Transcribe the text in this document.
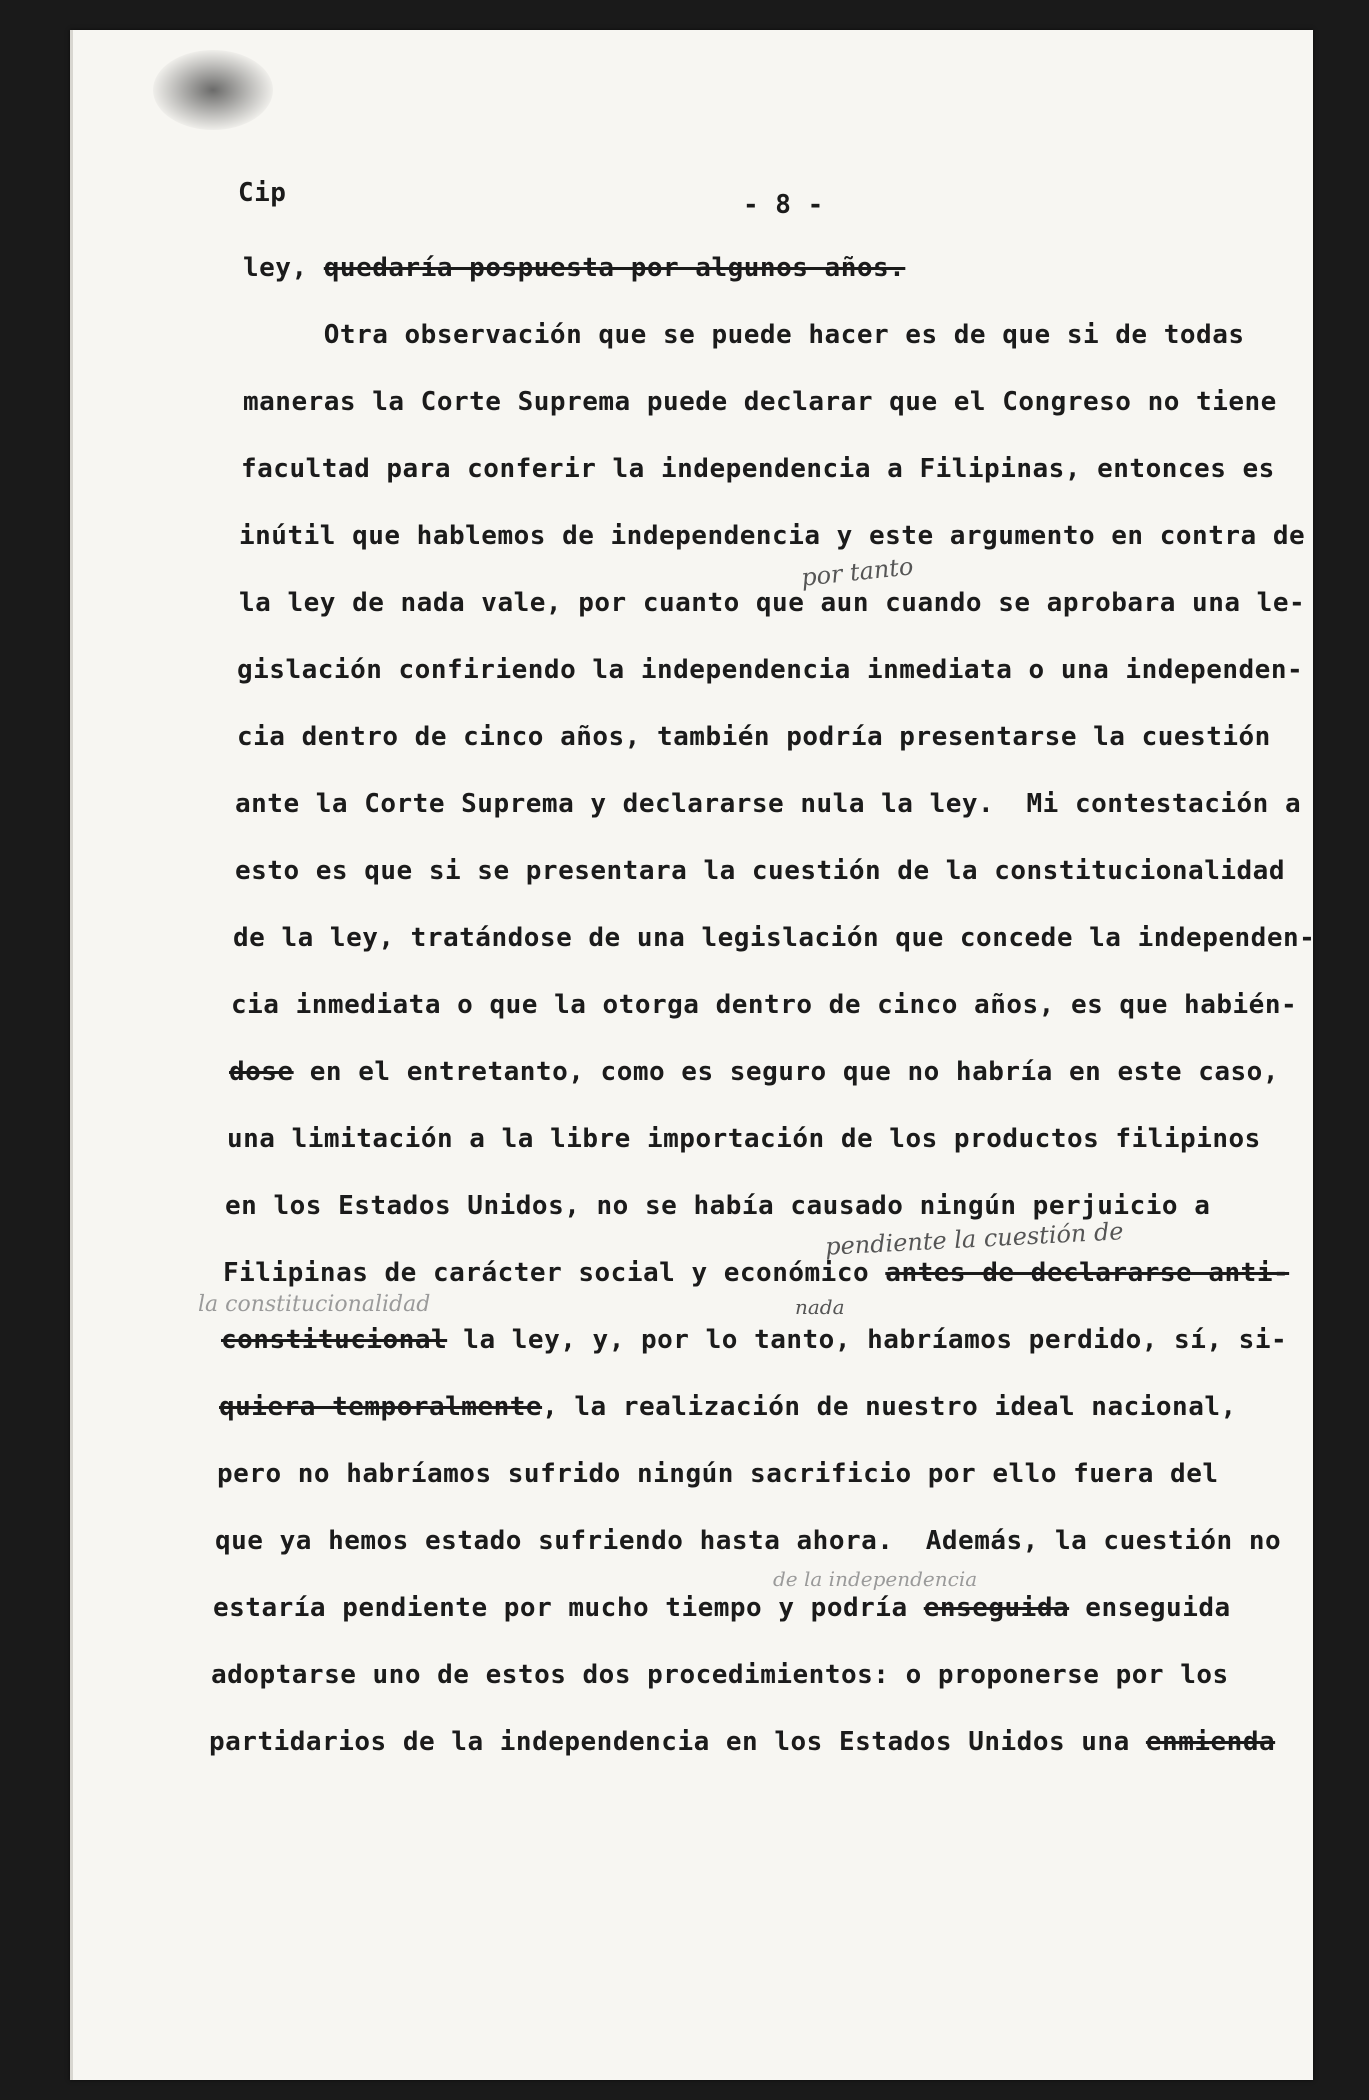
Cip	- 8 -
ley, quedaría pospuesta por algunos años.
Otra observación que se puede hacer es de que si de todas
maneras la Corte Suprema puede declarar que el Congreso no tiene
facultad para conferir la independencia a Filipinas, entonces es
inútil que hablemos de independencia y este argumento en contra de
la ley de nada vale, por cuanto que aun cuando se aprobara una le-
gislación confiriendo la independencia inmediata o una independen-
cia dentro de cinco años, también podría presentarse la cuestión
ante la Corte Suprema y declararse nula la ley.  Mi contestación a
esto es que si se presentara la cuestión de la constitucionalidad
de la ley, tratándose de una legislación que concede la independen-
cia inmediata o que la otorga dentro de cinco años, es que habién-
dose en el entretanto, como es seguro que no habría en este caso,
una limitación a la libre importación de los productos filipinos
en los Estados Unidos, no se había causado ningún perjuicio a
Filipinas de carácter social y económico antes de declararse anti-
constitucional la ley, y, por lo tanto, habríamos perdido, sí, si-
quiera temporalmente, la realización de nuestro ideal nacional,
pero no habríamos sufrido ningún sacrificio por ello fuera del
que ya hemos estado sufriendo hasta ahora.  Además, la cuestión no
estaría pendiente por mucho tiempo y podría enseguida enseguida
adoptarse uno de estos dos procedimientos: o proponerse por los
partidarios de la independencia en los Estados Unidos una enmienda
por tanto
pendiente la cuestión de
la constitucionalidad	nada
de la independencia
